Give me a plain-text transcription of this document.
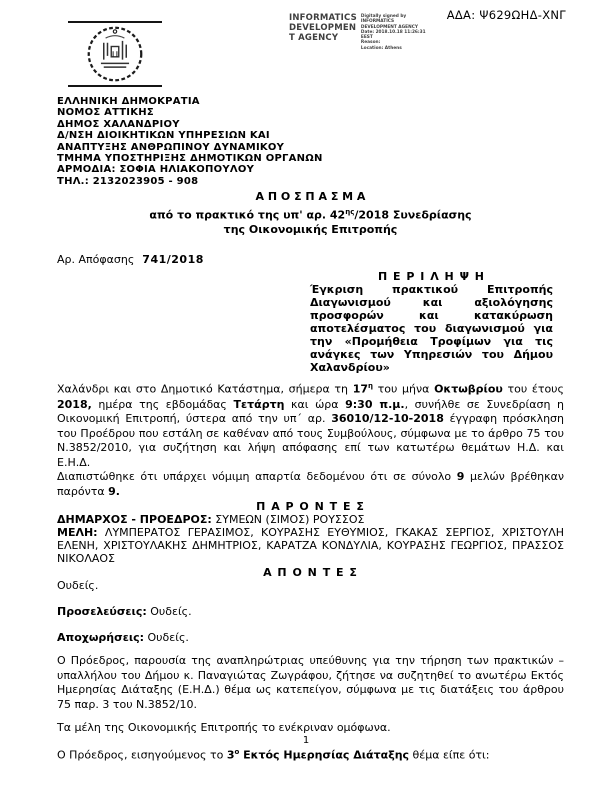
ΑΔΑ: Ψ629ΩΗΔ-ΧΝΓ
INFORMATICS
DEVELOPMEN
T AGENCY
Digitally signed by
INFORMATICS
DEVELOPMENT AGENCY
Date: 2018.10.18 11:26:31
EEST
Reason:
Location: Athens
ΕΛΛΗΝΙΚΗ ΔΗΜΟΚΡΑΤΙΑ
ΝΟΜΟΣ ΑΤΤΙΚΗΣ
ΔΗΜΟΣ ΧΑΛΑΝΔΡΙΟΥ
Δ/ΝΣΗ ΔΙΟΙΚΗΤΙΚΩΝ ΥΠΗΡΕΣΙΩΝ ΚΑΙ
ΑΝΑΠΤΥΞΗΣ ΑΝΘΡΩΠΙΝΟΥ ΔΥΝΑΜΙΚΟΥ
ΤΜΗΜΑ ΥΠΟΣΤΗΡΙΞΗΣ ΔΗΜΟΤΙΚΩΝ ΟΡΓΑΝΩΝ
ΑΡΜΟΔΙΑ: ΣΟΦΙΑ ΗΛΙΑΚΟΠΟΥΛΟΥ
ΤΗΛ.: 2132023905 - 908
Α Π Ο Σ Π Α Σ Μ Α
από το πρακτικό της υπ' αρ. $42^{\eta\varsigma}/2018$ Συνεδρίασης
της Οικονομικής Επιτροπής
Αρ. Απόφασης 741/2018
Π Ε Ρ Ι Λ Η Ψ Η
Έγκριση πρακτικού Επιτροπής Διαγωνισμού και αξιολόγησης προσφορών και κατακύρωση αποτελέσματος του διαγωνισμού για την «Προμήθεια Τροφίμων για τις ανάγκες των Υπηρεσιών του Δήμου Χαλανδρίου»
Χαλάνδρι και στο Δημοτικό Κατάστημα, σήμερα τη $17^\eta$ του μήνα Οκτωβρίου του έτους 2018, ημέρα της εβδομάδας Τετάρτη και ώρα 9:30 π.μ., συνήλθε σε Συνεδρίαση η Οικονομική Επιτροπή, ύστερα από την υπ΄ αρ. 36010/12-10-2018 έγγραφη πρόσκληση του Προέδρου που εστάλη σε καθέναν από τους Συμβούλους, σύμφωνα με το άρθρο 75 του Ν.3852/2010, για συζήτηση και λήψη απόφασης επί των κατωτέρω θεμάτων Η.Δ. και Ε.Η.Δ.
Διαπιστώθηκε ότι υπάρχει νόμιμη απαρτία δεδομένου ότι σε σύνολο 9 μελών βρέθηκαν παρόντα 9.
Π Α Ρ Ο Ν Τ Ε Σ
ΔΗΜΑΡΧΟΣ - ΠΡΟΕΔΡΟΣ: ΣΥΜΕΩΝ (ΣΙΜΟΣ) ΡΟΥΣΣΟΣ
ΜΕΛΗ: ΛΥΜΠΕΡΑΤΟΣ ΓΕΡΑΣΙΜΟΣ, ΚΟΥΡΑΣΗΣ ΕΥΘΥΜΙΟΣ, ΓΚΑΚΑΣ ΣΕΡΓΙΟΣ, ΧΡΙΣΤΟΥΛΗ ΕΛΕΝΗ, ΧΡΙΣΤΟΥΛΑΚΗΣ ΔΗΜΗΤΡΙΟΣ, ΚΑΡΑΤΖΑ ΚΟΝΔΥΛΙΑ, ΚΟΥΡΑΣΗΣ ΓΕΩΡΓΙΟΣ, ΠΡΑΣΣΟΣ ΝΙΚΟΛΑΟΣ
Α Π Ο Ν Τ Ε Σ
Ουδείς.
Προσελεύσεις: Ουδείς.
Αποχωρήσεις: Ουδείς.
Ο Πρόεδρος, παρουσία της αναπληρώτριας υπεύθυνης για την τήρηση των πρακτικών – υπαλλήλου του Δήμου κ. Παναγιώτας Ζωγράφου, ζήτησε να συζητηθεί το ανωτέρω Εκτός Ημερησίας Διάταξης (Ε.Η.Δ.) θέμα ως κατεπείγον, σύμφωνα με τις διατάξεις του άρθρου 75 παρ. 3 του Ν.3852/10.
Τα μέλη της Οικονομικής Επιτροπής το ενέκριναν ομόφωνα.
Ο Πρόεδρος, εισηγούμενος το $3^o$ Εκτός Ημερησίας Διάταξης θέμα είπε ότι:
1
